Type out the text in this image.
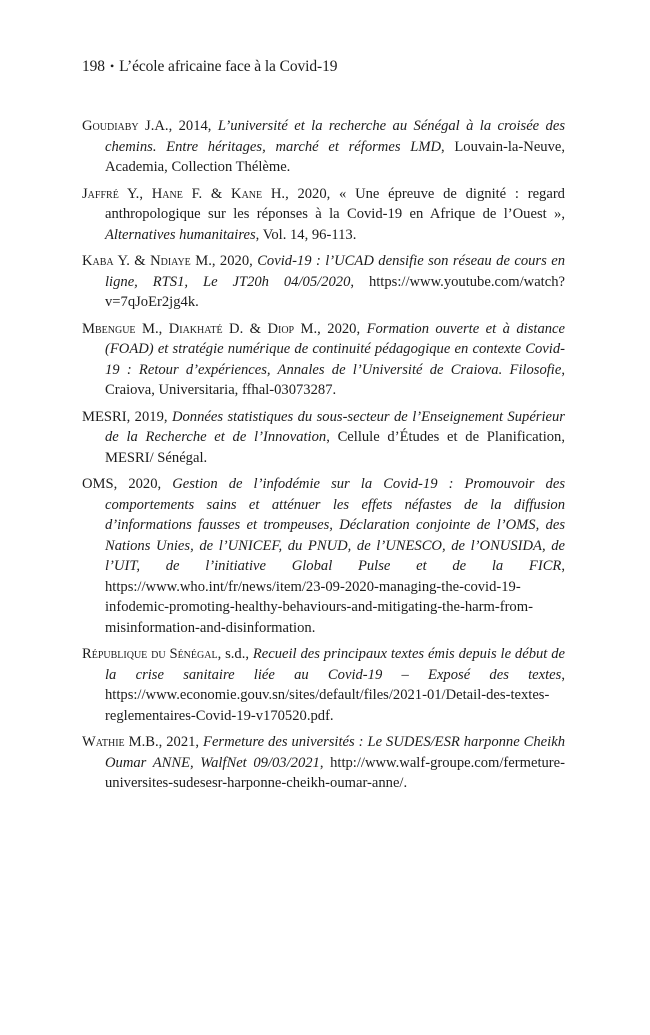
198 • L’école africaine face à la Covid-19

Goudiaby J.A., 2014, L’université et la recherche au Sénégal à la croisée des chemins. Entre héritages, marché et réformes LMD, Louvain-la-Neuve, Academia, Collection Thélème.

Jaffré Y., Hane F. & Kane H., 2020, « Une épreuve de dignité : regard anthropologique sur les réponses à la Covid-19 en Afrique de l’Ouest », Alternatives humanitaires, Vol. 14, 96-113.

Kaba Y. & Ndiaye M., 2020, Covid-19 : l’UCAD densifie son réseau de cours en ligne, RTS1, Le JT20h 04/05/2020, https://www.youtube.com/watch?v=7qJoEr2jg4k.

Mbengue M., Diakhaté D. & Diop M., 2020, Formation ouverte et à distance (FOAD) et stratégie numérique de continuité pédagogique en contexte Covid-19 : Retour d’expériences, Annales de l’Université de Craiova. Filosofie, Craiova, Universitaria, ffhal-03073287.

MESRI, 2019, Données statistiques du sous-secteur de l’Enseignement Supérieur de la Recherche et de l’Innovation, Cellule d’Études et de Planification, MESRI/ Sénégal.

OMS, 2020, Gestion de l’infodémie sur la Covid-19 : Promouvoir des comportements sains et atténuer les effets néfastes de la diffusion d’informations fausses et trompeuses, Déclaration conjointe de l’OMS, des Nations Unies, de l’UNICEF, du PNUD, de l’UNESCO, de l’ONUSIDA, de l’UIT, de l’initiative Global Pulse et de la FICR, https://www.who.int/fr/news/item/23-09-2020-managing-the-covid-19-infodemic-promoting-healthy-behaviours-and-mitigating-the-harm-from-misinformation-and-disinformation.

République du Sénégal, s.d., Recueil des principaux textes émis depuis le début de la crise sanitaire liée au Covid-19 – Exposé des textes, https://www.economie.gouv.sn/sites/default/files/2021-01/Detail-des-textes-reglementaires-Covid-19-v170520.pdf.

Wathie M.B., 2021, Fermeture des universités : Le SUDES/ESR harponne Cheikh Oumar ANNE, WalfNet 09/03/2021, http://www.walf-groupe.com/fermeture-universites-sudesesr-harponne-cheikh-oumar-anne/.
